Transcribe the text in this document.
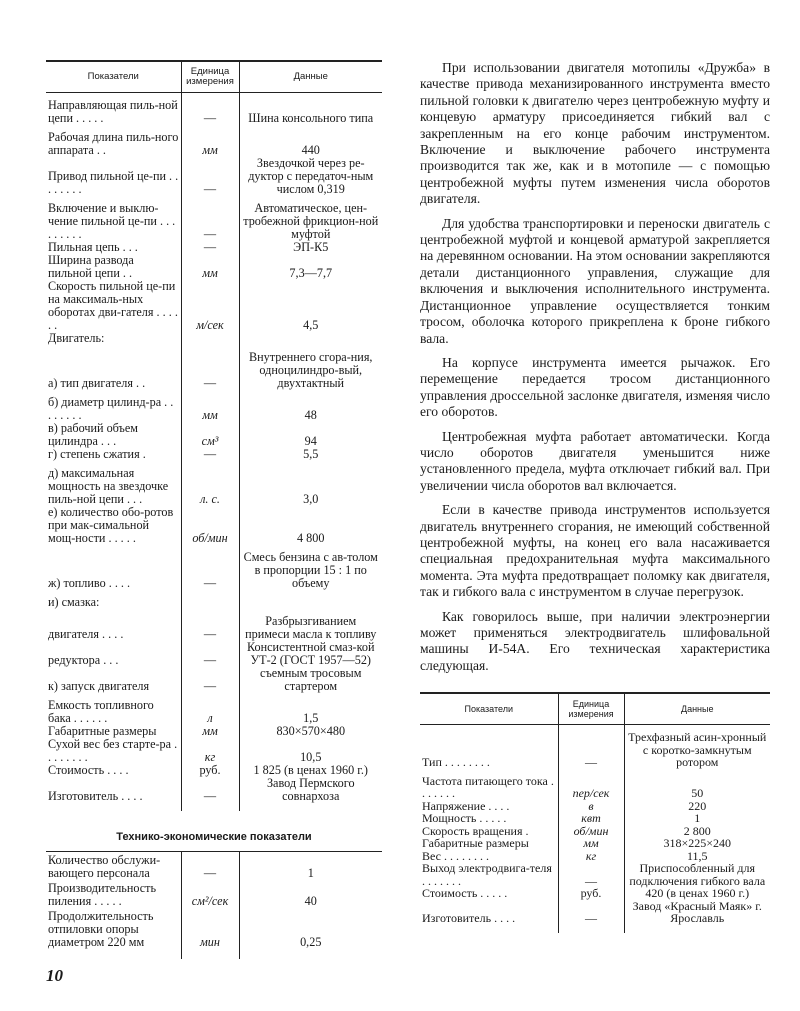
Показатели	Единица измерения	Данные
Направляющая пиль-ной цепи . . . . .	—	Шина консольного типа
Рабочая длина пиль-ного аппарата . .	мм	440
Привод пильной це-пи . . . . . . . .	—	Звездочкой через ре-дуктор с передаточ-ным числом 0,319
Включение и выклю-чение пильной це-пи . . . . . . . . .	—	Автоматическое, цен-тробежной фрикцион-ной муфтой
Пильная цепь . . .	—	ЭП-К5
Ширина развода пильной цепи . .	мм	7,3—7,7
Скорость пильной це-пи на максималь-ных оборотах дви-гателя . . . . . .	м/сек	4,5
Двигатель:		
а) тип двигателя . .	—	Внутреннего сгора-ния, одноцилиндро-вый, двухтактный
б) диаметр цилинд-ра . . . . . . . .	мм	48
в) рабочий объем цилиндра . . .	см³	94
г) степень сжатия .	—	5,5
д) максимальная мощность на звездочке пиль-ной цепи . . .	л. с.	3,0
е) количество обо-ротов при мак-симальной мощ-ности . . . . .	об/мин	4 800
ж) топливо . . . .	—	Смесь бензина с ав-толом в пропорции 15 : 1 по объему
и) смазка:		
двигателя . . . .	—	Разбрызгиванием примеси масла к топливу
редуктора . . .	—	Консистентной смаз-кой УТ-2 (ГОСТ 1957—52)
к) запуск двигателя	—	съемным тросовым стартером
Емкость топливного бака . . . . . .	л	1,5
Габаритные размеры	мм	830×570×480
Сухой вес без стартe-ра . . . . . . . .	кг	10,5
Стоимость . . . .	руб.	1 825 (в ценах 1960 г.)
Изготовитель . . . .	—	Завод Пермского совнархоза

Технико-экономические показатели
Количество обслужи-вающего персонала	—	1
Производительность пиления . . . . .	см²/сек	40
Продолжительность отпиловки опоры диаметром 220 мм	мин	0,25

10

При использовании двигателя мотопилы «Дружба» в качестве привода механизированного инструмента вместо пильной головки к двигателю через центробежную муфту и концевую арматуру присоединяется гибкий вал с закрепленным на его конце рабочим инструментом. Включение и выключение рабочего инструмента производится так же, как и в мотопиле — с помощью центробежной муфты путем изменения числа оборотов двигателя.

Для удобства транспортировки и переноски двигатель с центробежной муфтой и концевой арматурой закрепляется на деревянном основании. На этом основании закрепляются детали дистанционного управления, служащие для включения и выключения исполнительного инструмента. Дистанционное управление осуществляется тонким тросом, оболочка которого прикреплена к броне гибкого вала.

На корпусе инструмента имеется рычажок. Его перемещение передается тросом дистанционного управления дроссельной заслонке двигателя, изменяя число его оборотов.

Центробежная муфта работает автоматически. Когда число оборотов двигателя уменьшится ниже установленного предела, муфта отключает гибкий вал. При увеличении числа оборотов вал включается.

Если в качестве привода инструментов используется двигатель внутреннего сгорания, не имеющий собственной центробежной муфты, на конец его вала насаживается специальная предохранительная муфта максимального момента. Эта муфта предотвращает поломку как двигателя, так и гибкого вала с инструментом в случае перегрузок.

Как говорилось выше, при наличии электроэнергии может применяться электродвигатель шлифовальной машины И-54А. Его техническая характеристика следующая.

Показатели	Единица измерения	Данные
Тип . . . . . . . .	—	Трехфазный асин-хронный с коротко-замкнутым ротором
Частота питающего тока . . . . . . .	пер/сек	50
Напряжение . . . .	в	220
Мощность . . . . .	квт	1
Скорость вращения .	об/мин	2 800
Габаритные размеры	мм	318×225×240
Вес . . . . . . . .	кг	11,5
Выход электродвига-теля . . . . . . .	—	Приспособленный для подключения гибкого вала
Стоимость . . . . .	руб.	420 (в ценах 1960 г.)
Изготовитель . . . .	—	Завод «Красный Маяк» г. Ярославль
